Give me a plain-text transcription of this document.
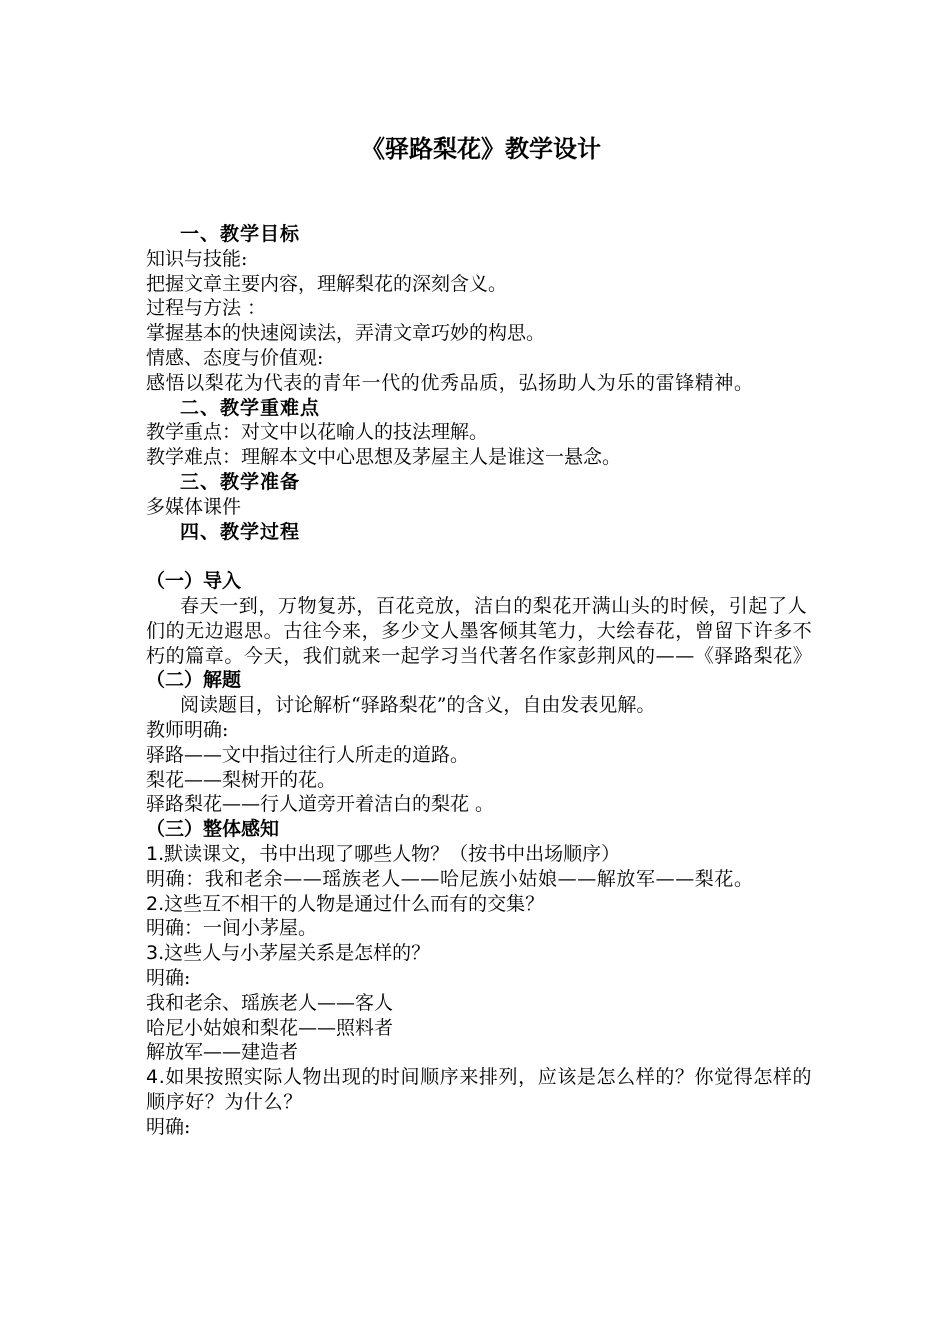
《驿路梨花》教学设计

一、教学目标

知识与技能:

把握文章主要内容，理解梨花的深刻含义。

过程与方法 ：

掌握基本的快速阅读法，弄清文章巧妙的构思。

情感、态度与价值观:

感悟以梨花为代表的青年一代的优秀品质，弘扬助人为乐的雷锋精神。

二、教学重难点

教学重点：对文中以花喻人的技法理解。

教学难点：理解本文中心思想及茅屋主人是谁这一悬念。

三、教学准备

多媒体课件

四、教学过程

（一）导入

春天一到，万物复苏，百花竞放，洁白的梨花开满山头的时候，引起了人们的无边遐思。古往今来，多少文人墨客倾其笔力，大绘春花，曾留下许多不朽的篇章。今天，我们就来一起学习当代著名作家彭荆风的——《驿路梨花》

（二）解题

阅读题目，讨论解析“驿路梨花”的含义，自由发表见解。

教师明确:

驿路——文中指过往行人所走的道路。

梨花——梨树开的花。

驿路梨花——行人道旁开着洁白的梨花 。

（三）整体感知

1.默读课文，书中出现了哪些人物？（按书中出场顺序）

明确：我和老余——瑶族老人——哈尼族小姑娘——解放军——梨花。

2.这些互不相干的人物是通过什么而有的交集？

明确：一间小茅屋。

3.这些人与小茅屋关系是怎样的？

明确:

我和老余、瑶族老人——客人

哈尼小姑娘和梨花——照料者

解放军——建造者

4.如果按照实际人物出现的时间顺序来排列，应该是怎么样的？你觉得怎样的顺序好？为什么？

明确:
